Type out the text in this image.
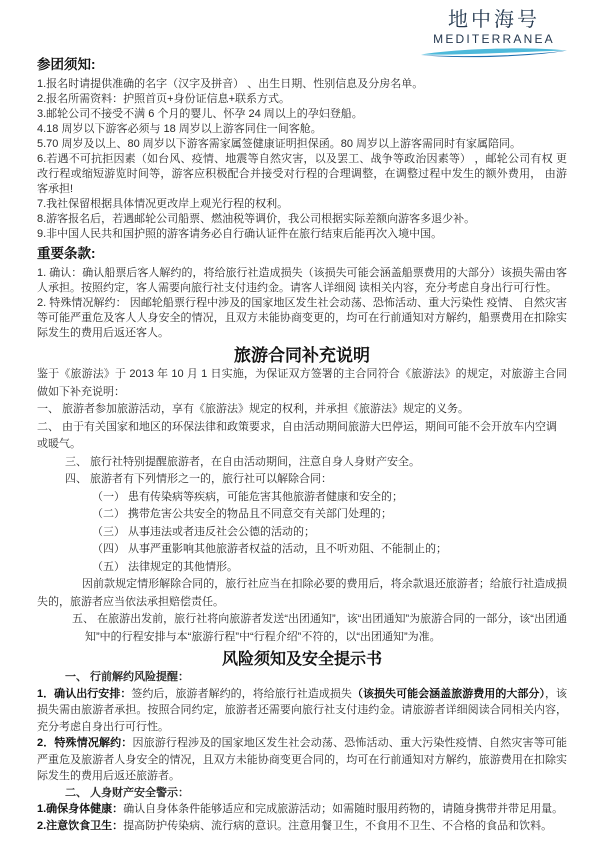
地中海号
MEDITERRANEA
参团须知:

1.报名时请提供准确的名字（汉字及拼音） 、出生日期、性别信息及分房名单。

2.报名所需资料：护照首页+身份证信息+联系方式。

3.邮轮公司不接受不满 6 个月的婴儿、怀孕 24 周以上的孕妇登船。

4.18 周岁以下游客必须与 18 周岁以上游客同住一间客舱。

5.70 周岁及以上、80 周岁以下游客需家属签健康证明担保函。80 周岁以上游客需同时有家属陪同。

6.若遇不可抗拒因素（如台风、疫情、地震等自然灾害，以及罢工、战争等政治因素等） ，邮轮公司有权 更改行程或缩短游览时间等，游客应积极配合并接受对行程的合理调整，在调整过程中发生的额外费用， 由游客承担!

7.我社保留根据具体情况更改岸上观光行程的权利。

8.游客报名后，若遇邮轮公司船票、燃油税等调价，我公司根据实际差额向游客多退少补。

9.非中国人民共和国护照的游客请务必自行确认证件在旅行结束后能再次入境中国。

重要条款:

1. 确认：确认船票后客人解约的，将给旅行社造成损失（该损失可能会涵盖船票费用的大部分）该损失需由客人承担。按照约定，客人需要向旅行社支付违约金。请客人详细阅 读相关内容，充分考虑自身出行可行性。

2. 特殊情况解约： 因邮轮船票行程中涉及的国家地区发生社会动荡、恐怖活动、重大污染性 疫情、 自然灾害等可能严重危及客人人身安全的情况，且双方未能协商变更的，均可在行前通知对方解约，船票费用在扣除实际发生的费用后返还客人。

旅游合同补充说明

鉴于《旅游法》于 2013 年 10 月 1 日实施，为保证双方签署的主合同符合《旅游法》的规定，对旅游主合同做如下补充说明：

一、 旅游者参加旅游活动，享有《旅游法》规定的权利，并承担《旅游法》规定的义务。

二、 由于有关国家和地区的环保法律和政策要求，自由活动期间旅游大巴停运，期间可能不会开放车内空调或暖气。

三、 旅行社特别提醒旅游者，在自由活动期间，注意自身人身财产安全。

四、 旅游者有下列情形之一的，旅行社可以解除合同：

（一） 患有传染病等疾病，可能危害其他旅游者健康和安全的；

（二） 携带危害公共安全的物品且不同意交有关部门处理的；

（三） 从事违法或者违反社会公德的活动的；

（四） 从事严重影响其他旅游者权益的活动，且不听劝阻、不能制止的；

（五） 法律规定的其他情形。

因前款规定情形解除合同的，旅行社应当在扣除必要的费用后，将余款退还旅游者；给旅行社造成损失的，旅游者应当依法承担赔偿责任。

五、 在旅游出发前，旅行社将向旅游者发送“出团通知”，该“出团通知”为旅游合同的一部分，该“出团通知”中的行程安排与本“旅游行程”中“行程介绍”不符的，以“出团通知”为准。

风险须知及安全提示书

一、 行前解约风险提醒：

1．确认出行安排：签约后，旅游者解约的，将给旅行社造成损失（该损失可能会涵盖旅游费用的大部分），该损失需由旅游者承担。按照合同约定，旅游者还需要向旅行社支付违约金。请旅游者详细阅读合同相关内容，充分考虑自身出行可行性。

2．特殊情况解约：因旅游行程涉及的国家地区发生社会动荡、恐怖活动、重大污染性疫情、自然灾害等可能严重危及旅游者人身安全的情况，且双方未能协商变更合同的，均可在行前通知对方解约，旅游费用在扣除实际发生的费用后返还旅游者。

二、 人身财产安全警示：

1.确保身体健康：确认自身体条件能够适应和完成旅游活动；如需随时服用药物的，请随身携带并带足用量。

2.注意饮食卫生：提高防护传染病、流行病的意识。注意用餐卫生，不食用不卫生、不合格的食品和饮料。
